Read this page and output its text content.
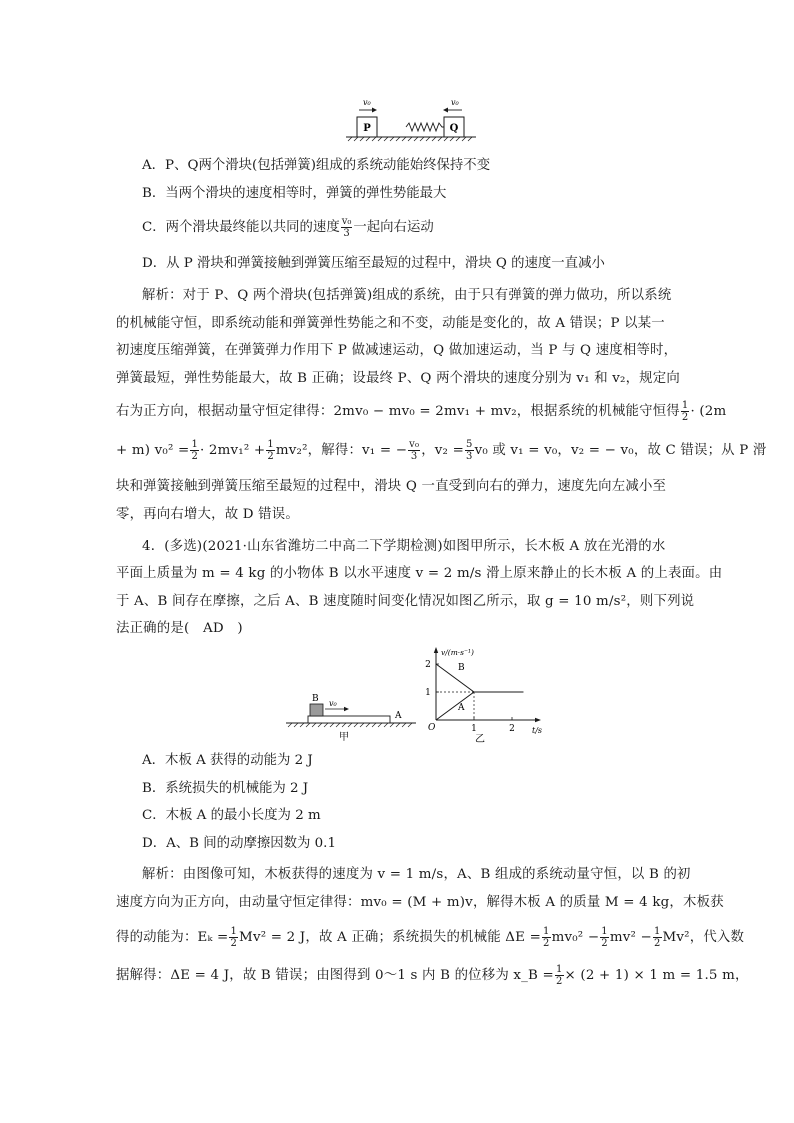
P	Q
v₀	v₀
A．P、Q两个滑块(包括弹簧)组成的系统动能始终保持不变
B．当两个滑块的速度相等时，弹簧的弹性势能最大
C．两个滑块最终能以共同的速度 $\frac{\text{v₀}}{3}$ 一起向右运动
D．从 P 滑块和弹簧接触到弹簧压缩至最短的过程中，滑块 Q 的速度一直减小
解析：对于 P、Q 两个滑块(包括弹簧)组成的系统，由于只有弹簧的弹力做功，所以系统
的机械能守恒，即系统动能和弹簧弹性势能之和不变，动能是变化的，故 A 错误；P 以某一
初速度压缩弹簧，在弹簧弹力作用下 P 做减速运动，Q 做加速运动，当 P 与 Q 速度相等时，
弹簧最短，弹性势能最大，故 B 正确；设最终 P、Q 两个滑块的速度分别为 v₁ 和 v₂，规定向
右为正方向，根据动量守恒定律得：2mv₀ − mv₀ = 2mv₁ + mv₂，根据系统的机械能守恒得 $\frac{1}{2} \cdot (2m$
+ m) $v_0^2 = \frac{1}{2} \cdot 2mv_1^2 + \frac{1}{2} mv_2^2$，解得：v₁ = − $\frac{\text{v₀}}{3}$ ，$v_2 = \frac{5}{3} v_0$ 或 v₁ = v₀，v₂ = − v₀，故 C 错误；从 P 滑
块和弹簧接触到弹簧压缩至最短的过程中，滑块 Q 一直受到向右的弹力，速度先向左减小至
零，再向右增大，故 D 错误。
4．(多选)(2021·山东省潍坊二中高二下学期检测)如图甲所示，长木板 A 放在光滑的水
平面上质量为 m = 4 kg 的小物体 B 以水平速度 v = 2 m/s 滑上原来静止的长木板 A 的上表面。由
于 A、B 间存在摩擦，之后 A、B 速度随时间变化情况如图乙所示，取 g = 10 m/s²，则下列说
法正确的是(　AD　)
B v₀
A
甲
v/(m·s⁻¹)
t/s
O	1	2
1
2	B
A
乙
A．木板 A 获得的动能为 2 J
B．系统损失的机械能为 2 J
C．木板 A 的最小长度为 2 m
D．A、B 间的动摩擦因数为 0.1
解析：由图像可知，木板获得的速度为 v = 1 m/s，A、B 组成的系统动量守恒，以 B 的初
速度方向为正方向，由动量守恒定律得：mv₀ = (M + m)v，解得木板 A 的质量 M = 4 kg，木板获
得的动能为：$E_k = \frac{1}{2} Mv^2 = 2$ J，故 A 正确；系统损失的机械能 $\Delta E = \frac{1}{2} mv_0^2 - \frac{1}{2} mv^2 - \frac{1}{2} Mv^2$，代入数
据解得：ΔE = 4 J，故 B 错误；由图得到 0～1 s 内 B 的位移为 x_B = $\frac{1}{2} \times (2 + 1) \times 1$ m = 1.5 m，
